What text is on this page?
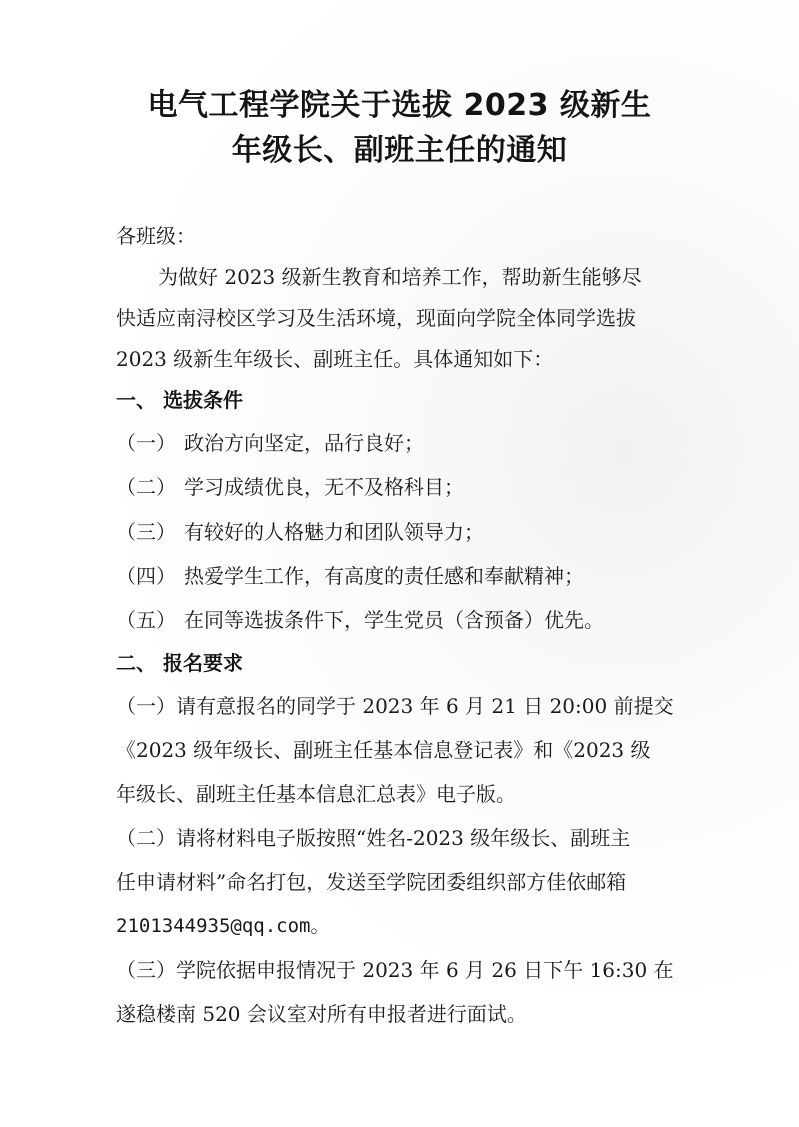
电气工程学院关于选拔 2023 级新生
年级长、副班主任的通知
各班级：
为做好 2023 级新生教育和培养工作，帮助新生能够尽
快适应南浔校区学习及生活环境，现面向学院全体同学选拔
2023 级新生年级长、副班主任。具体通知如下：
一、 选拔条件
（一） 政治方向坚定，品行良好；
（二） 学习成绩优良，无不及格科目；
（三） 有较好的人格魅力和团队领导力；
（四） 热爱学生工作，有高度的责任感和奉献精神；
（五） 在同等选拔条件下，学生党员（含预备）优先。
二、 报名要求
（一）请有意报名的同学于 2023 年 6 月 21 日 20:00 前提交
《2023 级年级长、副班主任基本信息登记表》和《2023 级
年级长、副班主任基本信息汇总表》电子版。
（二）请将材料电子版按照“姓名-2023 级年级长、副班主
任申请材料”命名打包，发送至学院团委组织部方佳依邮箱
2101344935@qq.com。
（三）学院依据申报情况于 2023 年 6 月 26 日下午 16:30 在
遂稳楼南 520 会议室对所有申报者进行面试。
